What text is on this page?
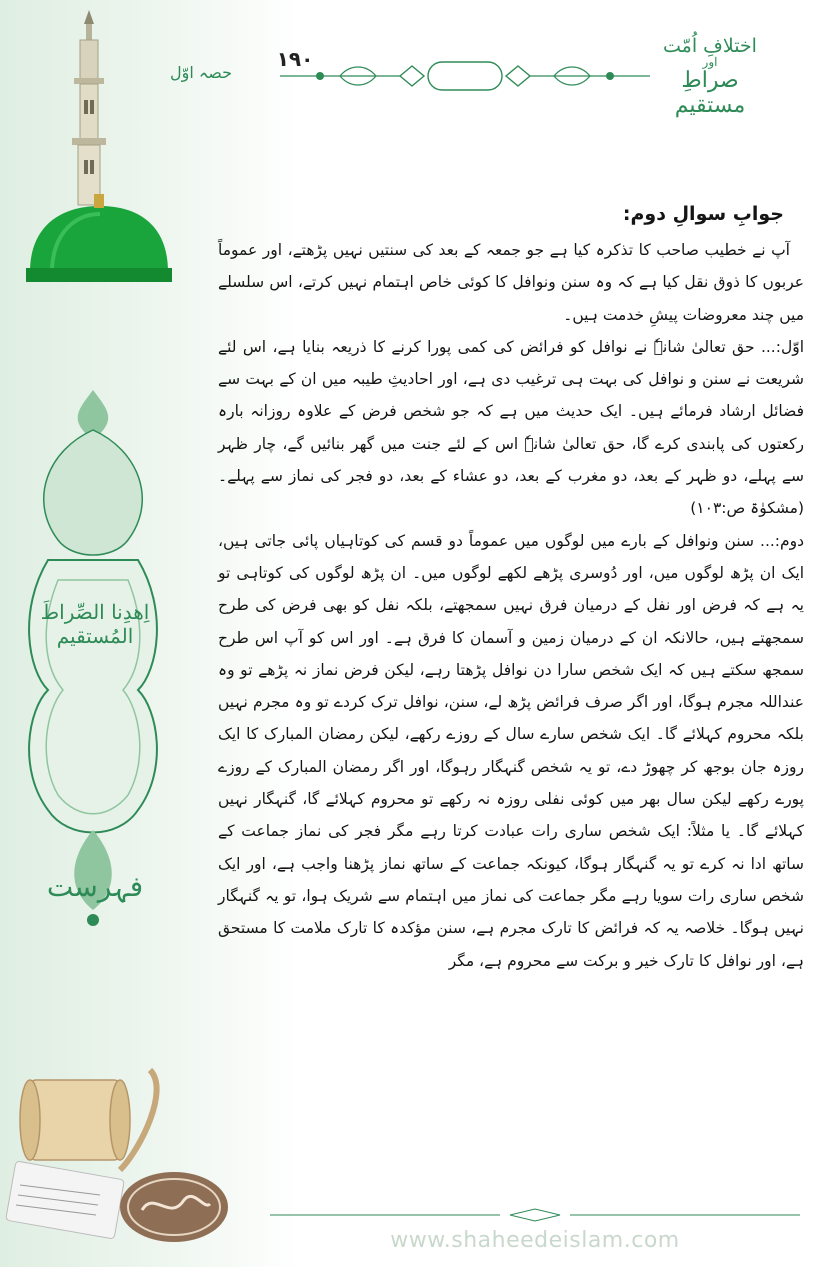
اختلافِ اُمّت
اور
صراطِ مستقیم
حصہ اوّل
۱۹۰
اِھدِنا الصِّراطَ المُستقیم
فہرست
جوابِ سوالِ دوم:

آپ نے خطیب صاحب کا تذکرہ کیا ہے جو جمعہ کے بعد کی سنتیں نہیں پڑھتے، اور عموماً عربوں کا ذوق نقل کیا ہے کہ وہ سنن ونوافل کا کوئی خاص اہتمام نہیں کرتے، اس سلسلے میں چند معروضات پیشِ خدمت ہیں۔

اوّل:... حق تعالیٰ شانہٗ نے نوافل کو فرائض کی کمی پورا کرنے کا ذریعہ بنایا ہے، اس لئے شریعت نے سنن و نوافل کی بہت ہی ترغیب دی ہے، اور احادیثِ طیبہ میں ان کے بہت سے فضائل ارشاد فرمائے ہیں۔ ایک حدیث میں ہے کہ جو شخص فرض کے علاوہ روزانہ بارہ رکعتوں کی پابندی کرے گا، حق تعالیٰ شانہٗ اس کے لئے جنت میں گھر بنائیں گے، چار ظہر سے پہلے، دو ظہر کے بعد، دو مغرب کے بعد، دو عشاء کے بعد، دو فجر کی نماز سے پہلے۔ (مشکوٰۃ ص:۱۰۳)

دوم:... سنن ونوافل کے بارے میں لوگوں میں عموماً دو قسم کی کوتاہیاں پائی جاتی ہیں، ایک ان پڑھ لوگوں میں، اور دُوسری پڑھے لکھے لوگوں میں۔ ان پڑھ لوگوں کی کوتاہی تو یہ ہے کہ فرض اور نفل کے درمیان فرق نہیں سمجھتے، بلکہ نفل کو بھی فرض کی طرح سمجھتے ہیں، حالانکہ ان کے درمیان زمین و آسمان کا فرق ہے۔ اور اس کو آپ اس طرح سمجھ سکتے ہیں کہ ایک شخص سارا دن نوافل پڑھتا رہے، لیکن فرض نماز نہ پڑھے تو وہ عنداللہ مجرم ہوگا، اور اگر صرف فرائض پڑھ لے، سنن، نوافل ترک کردے تو وہ مجرم نہیں بلکہ محروم کہلائے گا۔ ایک شخص سارے سال کے روزے رکھے، لیکن رمضان المبارک کا ایک روزہ جان بوجھ کر چھوڑ دے، تو یہ شخص گنہگار رہوگا، اور اگر رمضان المبارک کے روزے پورے رکھے لیکن سال بھر میں کوئی نفلی روزہ نہ رکھے تو محروم کہلائے گا، گنہگار نہیں کہلائے گا۔ یا مثلاً: ایک شخص ساری رات عبادت کرتا رہے مگر فجر کی نماز جماعت کے ساتھ ادا نہ کرے تو یہ گنہگار ہوگا، کیونکہ جماعت کے ساتھ نماز پڑھنا واجب ہے، اور ایک شخص ساری رات سویا رہے مگر جماعت کی نماز میں اہتمام سے شریک ہوا، تو یہ گنہگار نہیں ہوگا۔ خلاصہ یہ کہ فرائض کا تارک مجرم ہے، سنن مؤکدہ کا تارک ملامت کا مستحق ہے، اور نوافل کا تارک خیر و برکت سے محروم ہے، مگر

www.shaheedeislam.com
